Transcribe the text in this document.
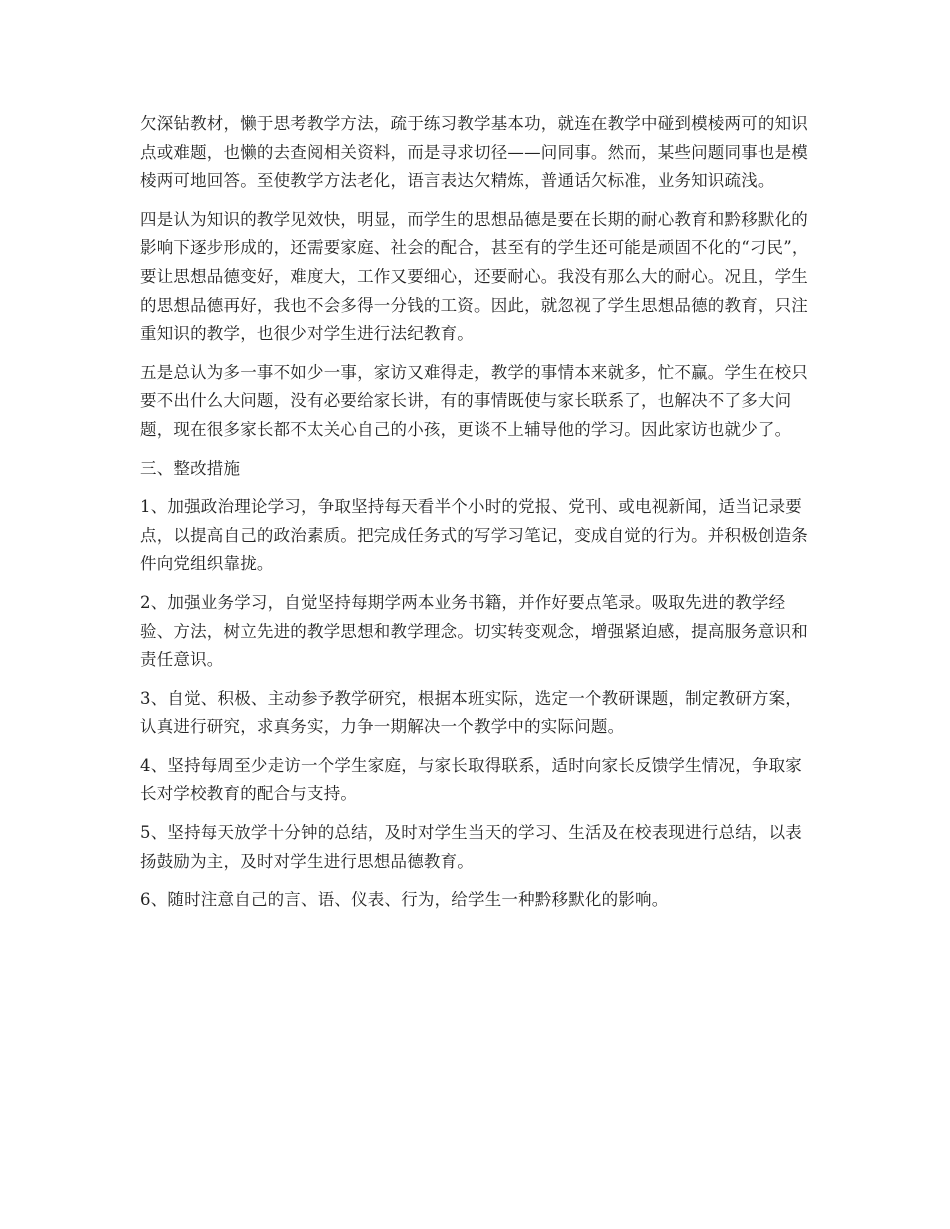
欠深钻教材，懒于思考教学方法，疏于练习教学基本功，就连在教学中碰到模棱两可的知识点或难题，也懒的去查阅相关资料，而是寻求切径——问同事。然而，某些问题同事也是模棱两可地回答。至使教学方法老化，语言表达欠精炼，普通话欠标准，业务知识疏浅。

四是认为知识的教学见效快，明显，而学生的思想品德是要在长期的耐心教育和黔移默化的影响下逐步形成的，还需要家庭、社会的配合，甚至有的学生还可能是顽固不化的“刁民”，要让思想品德变好，难度大，工作又要细心，还要耐心。我没有那么大的耐心。况且，学生的思想品德再好，我也不会多得一分钱的工资。因此，就忽视了学生思想品德的教育，只注重知识的教学，也很少对学生进行法纪教育。

五是总认为多一事不如少一事，家访又难得走，教学的事情本来就多，忙不赢。学生在校只要不出什么大问题，没有必要给家长讲，有的事情既使与家长联系了，也解决不了多大问题，现在很多家长都不太关心自己的小孩，更谈不上辅导他的学习。因此家访也就少了。

三、整改措施

1、加强政治理论学习，争取坚持每天看半个小时的党报、党刊、或电视新闻，适当记录要点，以提高自己的政治素质。把完成任务式的写学习笔记，变成自觉的行为。并积极创造条件向党组织靠拢。

2、加强业务学习，自觉坚持每期学两本业务书籍，并作好要点笔录。吸取先进的教学经验、方法，树立先进的教学思想和教学理念。切实转变观念，增强紧迫感，提高服务意识和责任意识。

3、自觉、积极、主动参予教学研究，根据本班实际，选定一个教研课题，制定教研方案，认真进行研究，求真务实，力争一期解决一个教学中的实际问题。

4、坚持每周至少走访一个学生家庭，与家长取得联系，适时向家长反馈学生情况，争取家长对学校教育的配合与支持。

5、坚持每天放学十分钟的总结，及时对学生当天的学习、生活及在校表现进行总结，以表扬鼓励为主，及时对学生进行思想品德教育。

6、随时注意自己的言、语、仪表、行为，给学生一种黔移默化的影响。
